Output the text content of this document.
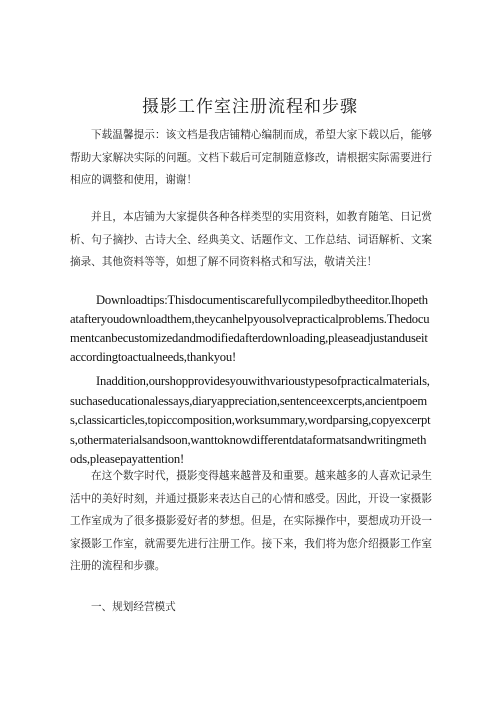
摄影工作室注册流程和步骤

下载温馨提示：该文档是我店铺精心编制而成，希望大家下载以后，能够帮助大家解决实际的问题。文档下载后可定制随意修改，请根据实际需要进行相应的调整和使用，谢谢！

并且，本店铺为大家提供各种各样类型的实用资料，如教育随笔、日记赏析、句子摘抄、古诗大全、经典美文、话题作文、工作总结、词语解析、文案摘录、其他资料等等，如想了解不同资料格式和写法，敬请关注！

Downloadtips:Thisdocumentiscarefullycompiledbytheeditor.Ihopethatafteryoudownloadthem,theycanhelpyousolvepracticalproblems.Thedocumentcanbecustomizedandmodifiedafterdownloading,pleaseadjustanduseitaccordingtoactualneeds,thankyou!

Inaddition,ourshopprovidesyouwithvarioustypesofpracticalmaterials,suchaseducationalessays,diaryappreciation,sentenceexcerpts,ancientpoems,classicarticles,topiccomposition,worksummary,wordparsing,copyexcerpts,othermaterialsandsoon,wanttoknowdifferentdataformatsandwritingmethods,pleasepayattention!

在这个数字时代，摄影变得越来越普及和重要。越来越多的人喜欢记录生活中的美好时刻，并通过摄影来表达自己的心情和感受。因此，开设一家摄影工作室成为了很多摄影爱好者的梦想。但是，在实际操作中，要想成功开设一家摄影工作室，就需要先进行注册工作。接下来，我们将为您介绍摄影工作室注册的流程和步骤。

一、规划经营模式
